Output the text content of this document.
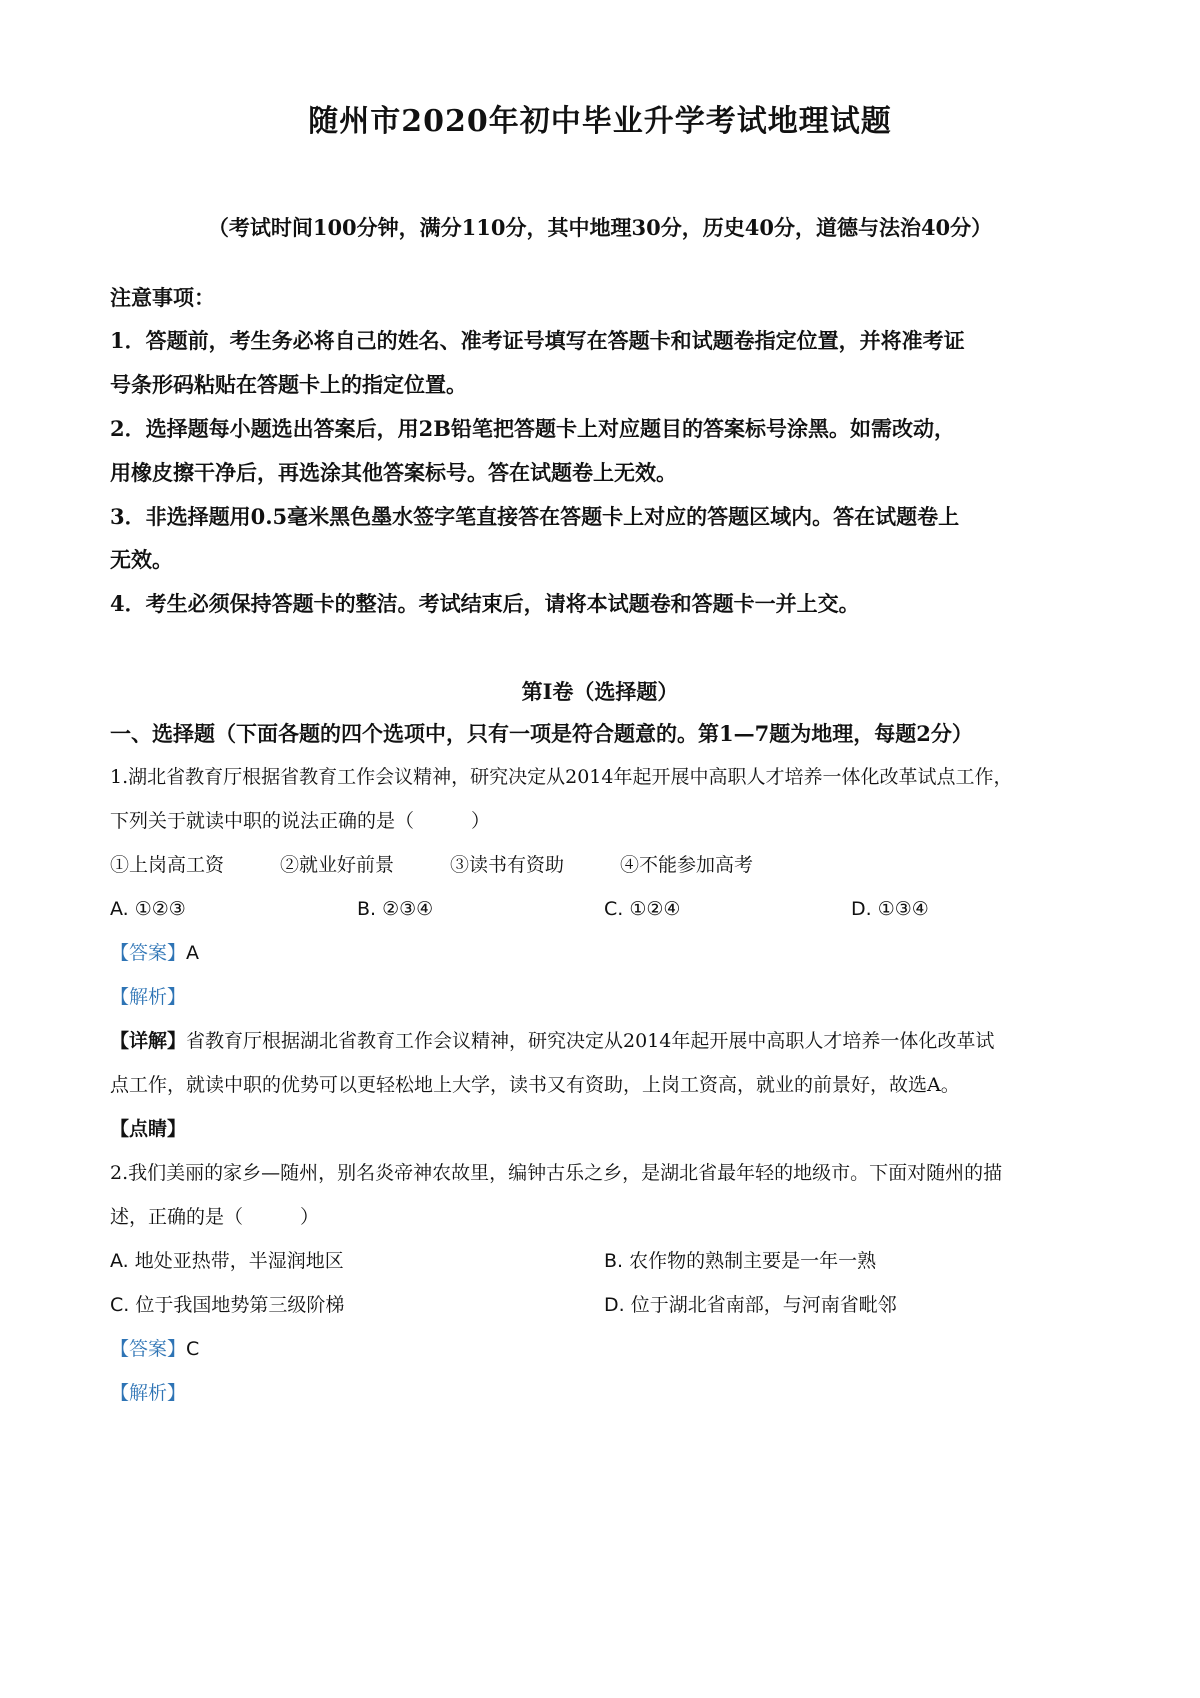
随州市2020年初中毕业升学考试地理试题
（考试时间100分钟，满分110分，其中地理30分，历史40分，道德与法治40分）
注意事项：
1．答题前，考生务必将自己的姓名、准考证号填写在答题卡和试题卷指定位置，并将准考证
号条形码粘贴在答题卡上的指定位置。
2．选择题每小题选出答案后，用2B铅笔把答题卡上对应题目的答案标号涂黑。如需改动，
用橡皮擦干净后，再选涂其他答案标号。答在试题卷上无效。
3．非选择题用0.5毫米黑色墨水签字笔直接答在答题卡上对应的答题区域内。答在试题卷上
无效。
4．考生必须保持答题卡的整洁。考试结束后，请将本试题卷和答题卡一并上交。
第Ⅰ卷（选择题）
一、选择题（下面各题的四个选项中，只有一项是符合题意的。第1—7题为地理，每题2分）
1.湖北省教育厅根据省教育工作会议精神，研究决定从2014年起开展中高职人才培养一体化改革试点工作，
下列关于就读中职的说法正确的是（　　　）
①上岗高工资	②就业好前景	③读书有资助	④不能参加高考
A. ①②③	B. ②③④	C. ①②④	D. ①③④
【答案】A
【解析】
【详解】省教育厅根据湖北省教育工作会议精神，研究决定从2014年起开展中高职人才培养一体化改革试
点工作，就读中职的优势可以更轻松地上大学，读书又有资助，上岗工资高，就业的前景好，故选A。
【点睛】
2.我们美丽的家乡—随州，别名炎帝神农故里，编钟古乐之乡，是湖北省最年轻的地级市。下面对随州的描
述，正确的是（　　　）
A. 地处亚热带，半湿润地区	B. 农作物的熟制主要是一年一熟
C. 位于我国地势第三级阶梯	D. 位于湖北省南部，与河南省毗邻
【答案】C
【解析】
